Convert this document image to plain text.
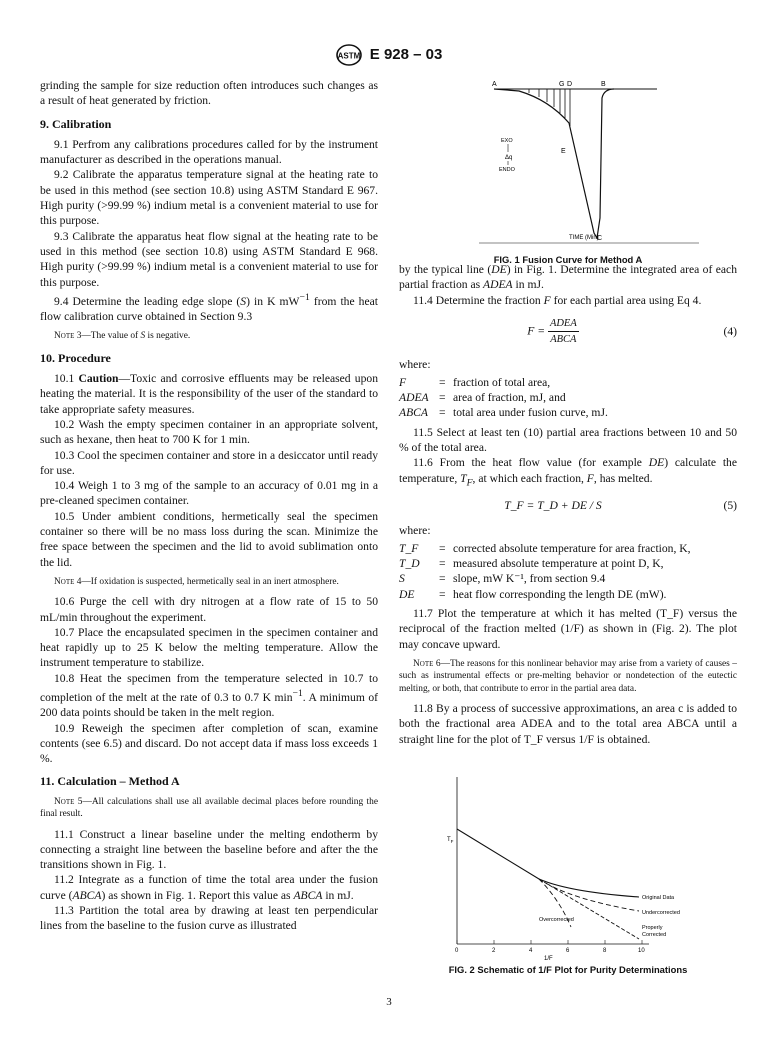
ASTM E 928 – 03

grinding the sample for size reduction often introduces such changes as a result of heat generated by friction.

9. Calibration

9.1 Perfrom any calibrations procedures called for by the instrument manufacturer as described in the operations manual.

9.2 Calibrate the apparatus temperature signal at the heating rate to be used in this method (see section 10.8) using ASTM Standard E 967. High purity (>99.99 %) indium metal is a convenient material to use for this purpose.

9.3 Calibrate the apparatus heat flow signal at the heating rate to be used in this method (see section 10.8) using ASTM Standard E 968. High purity (>99.99 %) indium metal is a convenient material to use for this purpose.

9.4 Determine the leading edge slope (S) in K $mW^{-1}$ from the heat flow calibration curve obtained in Section 9.3

Note 3—The value of S is negative.

10. Procedure

10.1 Caution—Toxic and corrosive effluents may be released upon heating the material. It is the responsibility of the user of the standard to take appropriate safety measures.

10.2 Wash the empty specimen container in an appropriate solvent, such as hexane, then heat to 700 K for 1 min.

10.3 Cool the specimen container and store in a desiccator until ready for use.

10.4 Weigh 1 to 3 mg of the sample to an accuracy of 0.01 mg in a pre-cleaned specimen container.

10.5 Under ambient conditions, hermetically seal the specimen container so there will be no mass loss during the scan. Minimize the free space between the specimen and the lid to avoid sublimation onto the lid.

Note 4—If oxidation is suspected, hermetically seal in an inert atmosphere.

10.6 Purge the cell with dry nitrogen at a flow rate of 15 to 50 mL/min throughout the experiment.

10.7 Place the encapsulated specimen in the specimen container and heat rapidly up to 25 K below the melting temperature. Allow the instrument temperature to stabilize.

10.8 Heat the specimen from the temperature selected in 10.7 to completion of the melt at the rate of 0.3 to 0.7 K $\min^{-1}$. A minimum of 200 data points should be taken in the melt region.

10.9 Reweigh the specimen after completion of scan, examine contents (see 6.5) and discard. Do not accept data if mass loss exceeds 1 %.

11. Calculation – Method A

Note 5—All calculations shall use all available decimal places before rounding the final result.

11.1 Construct a linear baseline under the melting endotherm by connecting a straight line between the baseline before and after the the transitions shown in Fig. 1.

11.2 Integrate as a function of time the total area under the fusion curve (ABCA) as shown in Fig. 1. Report this value as ABCA in mJ.

11.3 Partition the total area by drawing at least ten perpendicular lines from the baseline to the fusion curve as illustrated

A	G D	B
E
C
EXO
Δq
ENDO
TIME (Min)
FIG. 1 Fusion Curve for Method A

by the typical line (DE) in Fig. 1. Determine the integrated area of each partial fraction as ADEA in mJ.

11.4 Determine the fraction F for each partial area using Eq 4.

$F = \frac{\text{ADEA}}{\text{ABCA}}$	(4)

where:

F	= fraction of total area,
ADEA = area of fraction, mJ, and
ABCA = total area under fusion curve, mJ.

11.5 Select at least ten (10) partial area fractions between 10 and 50 % of the total area.

11.6 From the heat flow value (for example DE) calculate the temperature, $T_F$, at which each fraction, F, has melted.

T_F = T_D + DE / S	(5)

where:

T_F	= corrected absolute temperature for area fraction, K,
T_D	= measured absolute temperature at point D, K,
S	= slope, mW K⁻¹, from section 9.4
DE	= heat flow corresponding the length DE (mW).

11.7 Plot the temperature at which it has melted (T_F) versus the reciprocal of the fraction melted (1/F) as shown in (Fig. 2). The plot may concave upward.

Note 6—The reasons for this nonlinear behavior may arise from a variety of causes –such as instrumental effects or pre-melting behavior or nondetection of the eutectic melting, or both, that contribute to error in the partial area data.

11.8 By a process of successive approximations, an area c is added to both the fractional area ADEA and to the total area ABCA until a straight line for the plot of T_F versus 1/F is obtained.

0	2	4	6	8	10
$T_F$
1/F
Original Data
Undercorrected
Overcorrected
Properly
Corrected
FIG. 2 Schematic of 1/F Plot for Purity Determinations
3
